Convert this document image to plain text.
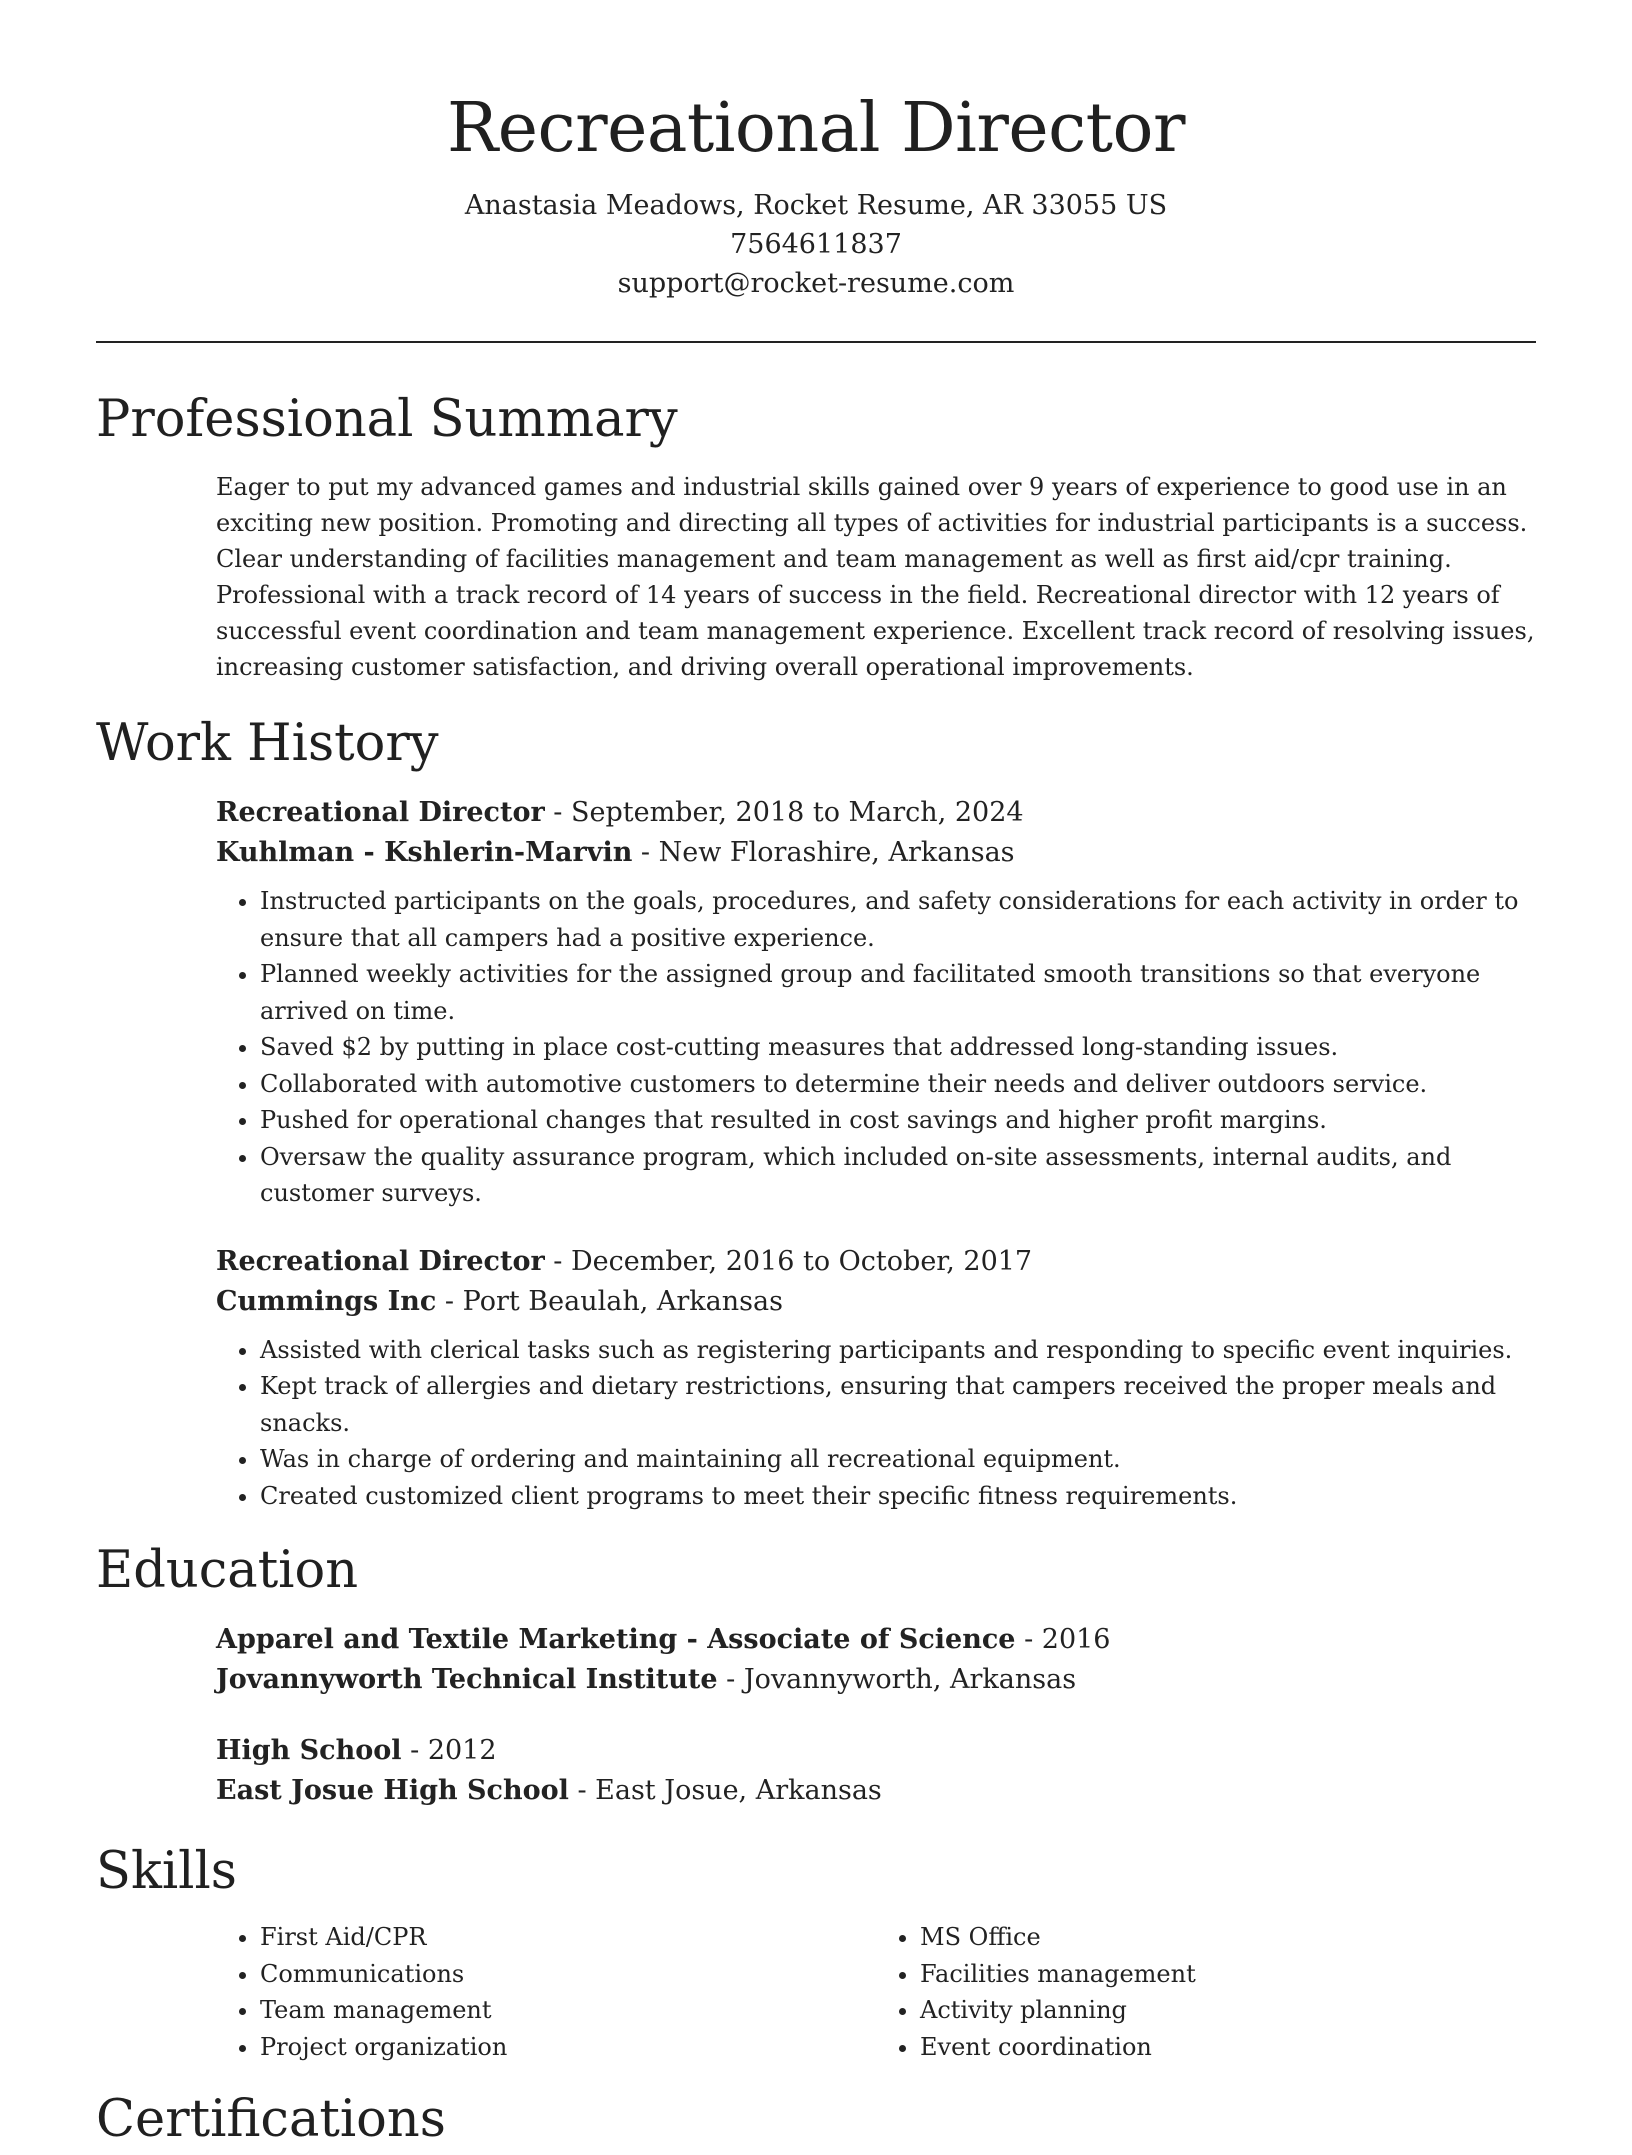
Recreational Director
Anastasia Meadows, Rocket Resume, AR 33055 US
7564611837
support@rocket-resume.com
Professional Summary

Eager to put my advanced games and industrial skills gained over 9 years of experience to good use in an exciting new position. Promoting and directing all types of activities for industrial participants is a success. Clear understanding of facilities management and team management as well as first aid/cpr training. Professional with a track record of 14 years of success in the field. Recreational director with 12 years of successful event coordination and team management experience. Excellent track record of resolving issues, increasing customer satisfaction, and driving overall operational improvements.

Work History
Recreational Director - September, 2018 to March, 2024
Kuhlman - Kshlerin-Marvin - New Florashire, Arkansas
• Instructed participants on the goals, procedures, and safety considerations for each activity in order to ensure that all campers had a positive experience.
• Planned weekly activities for the assigned group and facilitated smooth transitions so that everyone arrived on time.
• Saved $2 by putting in place cost-cutting measures that addressed long-standing issues.
• Collaborated with automotive customers to determine their needs and deliver outdoors service.
• Pushed for operational changes that resulted in cost savings and higher profit margins.
• Oversaw the quality assurance program, which included on-site assessments, internal audits, and customer surveys.
Recreational Director - December, 2016 to October, 2017
Cummings Inc - Port Beaulah, Arkansas
• Assisted with clerical tasks such as registering participants and responding to specific event inquiries.
• Kept track of allergies and dietary restrictions, ensuring that campers received the proper meals and snacks.
• Was in charge of ordering and maintaining all recreational equipment.
• Created customized client programs to meet their specific fitness requirements.
Education
Apparel and Textile Marketing - Associate of Science - 2016
Jovannyworth Technical Institute - Jovannyworth, Arkansas
High School - 2012
East Josue High School - East Josue, Arkansas
Skills
• First Aid/CPR
• Communications
• Team management
• Project organization
• MS Office
• Facilities management
• Activity planning
• Event coordination
Certifications
